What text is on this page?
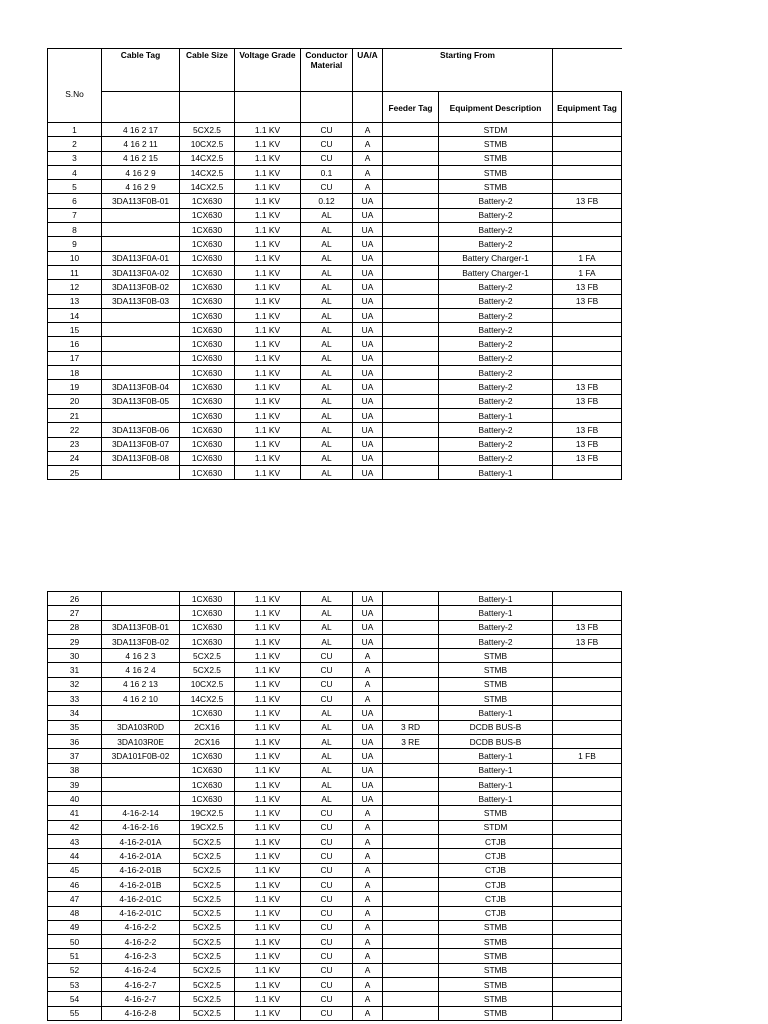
S.No	Cable Tag	Cable Size	Voltage Grade	Conductor Material	UA/A	Starting From		
						Feeder Tag	Equipment Description	Equipment Tag
1	4 16 2 17	5CX2.5	1.1 KV	CU	A		STDM	
2	4 16 2 11	10CX2.5	1.1 KV	CU	A		STMB	
3	4 16 2 15	14CX2.5	1.1 KV	CU	A		STMB	
4	4 16 2 9	14CX2.5	1.1 KV	0.1	A		STMB	
5	4 16 2 9	14CX2.5	1.1 KV	CU	A		STMB	
6	3DA113F0B-01	1CX630	1.1 KV	0.12	UA		Battery-2	13 FB
7		1CX630	1.1 KV	AL	UA		Battery-2	
8		1CX630	1.1 KV	AL	UA		Battery-2	
9		1CX630	1.1 KV	AL	UA		Battery-2	
10	3DA113F0A-01	1CX630	1.1 KV	AL	UA		Battery Charger-1	1 FA
11	3DA113F0A-02	1CX630	1.1 KV	AL	UA		Battery Charger-1	1 FA
12	3DA113F0B-02	1CX630	1.1 KV	AL	UA		Battery-2	13 FB
13	3DA113F0B-03	1CX630	1.1 KV	AL	UA		Battery-2	13 FB
14		1CX630	1.1 KV	AL	UA		Battery-2	
15		1CX630	1.1 KV	AL	UA		Battery-2	
16		1CX630	1.1 KV	AL	UA		Battery-2	
17		1CX630	1.1 KV	AL	UA		Battery-2	
18		1CX630	1.1 KV	AL	UA		Battery-2	
19	3DA113F0B-04	1CX630	1.1 KV	AL	UA		Battery-2	13 FB
20	3DA113F0B-05	1CX630	1.1 KV	AL	UA		Battery-2	13 FB
21		1CX630	1.1 KV	AL	UA		Battery-1	
22	3DA113F0B-06	1CX630	1.1 KV	AL	UA		Battery-2	13 FB
23	3DA113F0B-07	1CX630	1.1 KV	AL	UA		Battery-2	13 FB
24	3DA113F0B-08	1CX630	1.1 KV	AL	UA		Battery-2	13 FB
25		1CX630	1.1 KV	AL	UA		Battery-1	
26		1CX630	1.1 KV	AL	UA		Battery-1	
27		1CX630	1.1 KV	AL	UA		Battery-1	
28	3DA113F0B-01	1CX630	1.1 KV	AL	UA		Battery-2	13 FB
29	3DA113F0B-02	1CX630	1.1 KV	AL	UA		Battery-2	13 FB
30	4 16 2 3	5CX2.5	1.1 KV	CU	A		STMB	
31	4 16 2 4	5CX2.5	1.1 KV	CU	A		STMB	
32	4 16 2 13	10CX2.5	1.1 KV	CU	A		STMB	
33	4 16 2 10	14CX2.5	1.1 KV	CU	A		STMB	
34		1CX630	1.1 KV	AL	UA		Battery-1	
35	3DA103R0D	2CX16	1.1 KV	AL	UA	3 RD	DCDB BUS-B	
36	3DA103R0E	2CX16	1.1 KV	AL	UA	3 RE	DCDB BUS-B	
37	3DA101F0B-02	1CX630	1.1 KV	AL	UA		Battery-1	1 FB
38		1CX630	1.1 KV	AL	UA		Battery-1	
39		1CX630	1.1 KV	AL	UA		Battery-1	
40		1CX630	1.1 KV	AL	UA		Battery-1	
41	4-16-2-14	19CX2.5	1.1 KV	CU	A		STMB	
42	4-16-2-16	19CX2.5	1.1 KV	CU	A		STDM	
43	4-16-2-01A	5CX2.5	1.1 KV	CU	A		CTJB	
44	4-16-2-01A	5CX2.5	1.1 KV	CU	A		CTJB	
45	4-16-2-01B	5CX2.5	1.1 KV	CU	A		CTJB	
46	4-16-2-01B	5CX2.5	1.1 KV	CU	A		CTJB	
47	4-16-2-01C	5CX2.5	1.1 KV	CU	A		CTJB	
48	4-16-2-01C	5CX2.5	1.1 KV	CU	A		CTJB	
49	4-16-2-2	5CX2.5	1.1 KV	CU	A		STMB	
50	4-16-2-2	5CX2.5	1.1 KV	CU	A		STMB	
51	4-16-2-3	5CX2.5	1.1 KV	CU	A		STMB	
52	4-16-2-4	5CX2.5	1.1 KV	CU	A		STMB	
53	4-16-2-7	5CX2.5	1.1 KV	CU	A		STMB	
54	4-16-2-7	5CX2.5	1.1 KV	CU	A		STMB	
55	4-16-2-8	5CX2.5	1.1 KV	CU	A		STMB	
